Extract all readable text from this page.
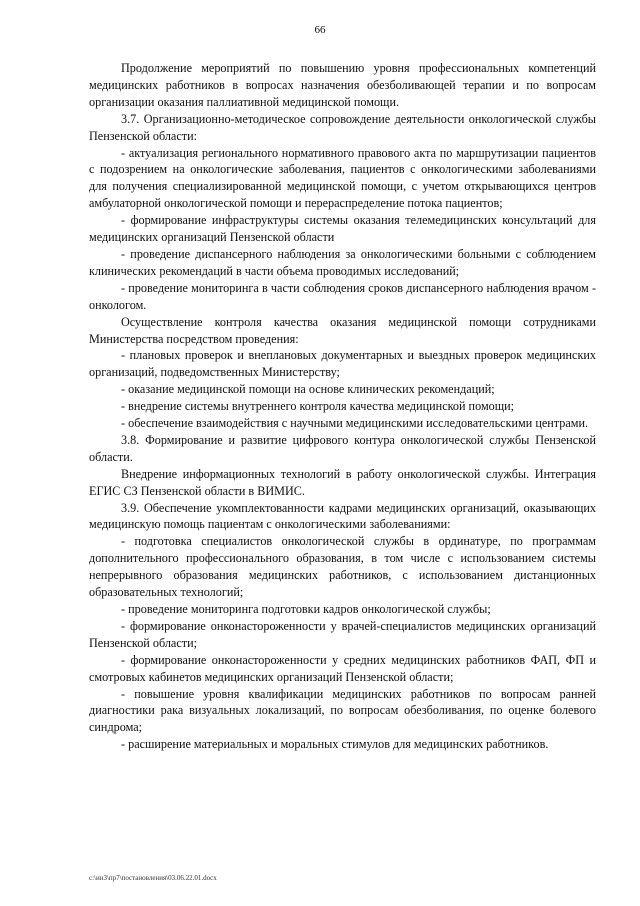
66

Продолжение мероприятий по повышению уровня профессиональных компетенций медицинских работников в вопросах назначения обезболивающей терапии и по вопросам организации оказания паллиативной медицинской помощи.

3.7. Организационно-методическое сопровождение деятельности онкологической службы Пензенской области:

- актуализация регионального нормативного правового акта по маршрутизации пациентов с подозрением на онкологические заболевания, пациентов с онкологическими заболеваниями для получения специализированной медицинской помощи, с учетом открывающихся центров амбулаторной онкологической помощи и перераспределение потока пациентов;

- формирование инфраструктуры системы оказания телемедицинских консультаций для медицинских организаций Пензенской области

- проведение диспансерного наблюдения за онкологическими больными с соблюдением клинических рекомендаций в части объема проводимых исследований;

- проведение мониторинга в части соблюдения сроков диспансерного наблюдения врачом - онкологом.

Осуществление контроля качества оказания медицинской помощи сотрудниками Министерства посредством проведения:

- плановых проверок и внеплановых документарных и выездных проверок медицинских организаций, подведомственных Министерству;

- оказание медицинской помощи на основе клинических рекомендаций;

- внедрение системы внутреннего контроля качества медицинской помощи;

- обеспечение взаимодействия с научными медицинскими исследовательскими центрами.

3.8. Формирование и развитие цифрового контура онкологической службы Пензенской области.

Внедрение информационных технологий в работу онкологической службы. Интеграция ЕГИС СЗ Пензенской области в ВИМИС.

3.9. Обеспечение укомплектованности кадрами медицинских организаций, оказывающих медицинскую помощь пациентам с онкологическими заболеваниями:

- подготовка специалистов онкологической службы в ординатуре, по программам дополнительного профессионального образования, в том числе с использованием системы непрерывного образования медицинских работников, с использованием дистанционных образовательных технологий;

- проведение мониторинга подготовки кадров онкологической службы;

- формирование онконастороженности у врачей-специалистов медицинских организаций Пензенской области;

- формирование онконастороженности у средних медицинских работников ФАП, ФП и смотровых кабинетов медицинских организаций Пензенской области;

- повышение уровня квалификации медицинских работников по вопросам ранней диагностики рака визуальных локализаций, по вопросам обезболивания, по оценке болевого синдрома;

- расширение материальных и моральных стимулов для медицинских работников.

c:\ин3\пр7\постановления\03.06.22.01.docx
